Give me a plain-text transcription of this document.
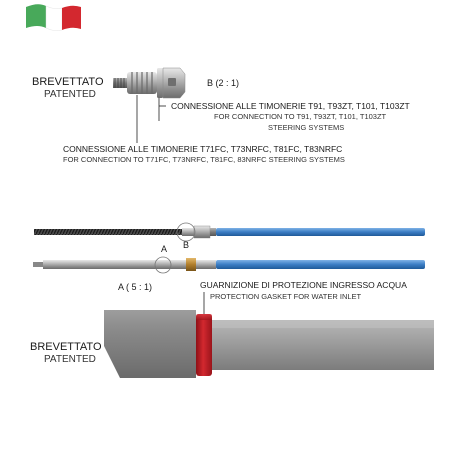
BREVETTATO
PATENTED
B (2 : 1)
CONNESSIONE ALLE TIMONERIE T91, T93ZT, T101, T103ZT
FOR CONNECTION TO T91, T93ZT, T101, T103ZT
STEERING SYSTEMS
CONNESSIONE ALLE TIMONERIE T71FC, T73NRFC, T81FC, T83NRFC
FOR CONNECTION TO T71FC, T73NRFC, T81FC, 83NRFC STEERING SYSTEMS
B
A
A ( 5 : 1)	GUARNIZIONE DI PROTEZIONE INGRESSO ACQUA
PROTECTION GASKET FOR WATER INLET
BREVETTATO
PATENTED
